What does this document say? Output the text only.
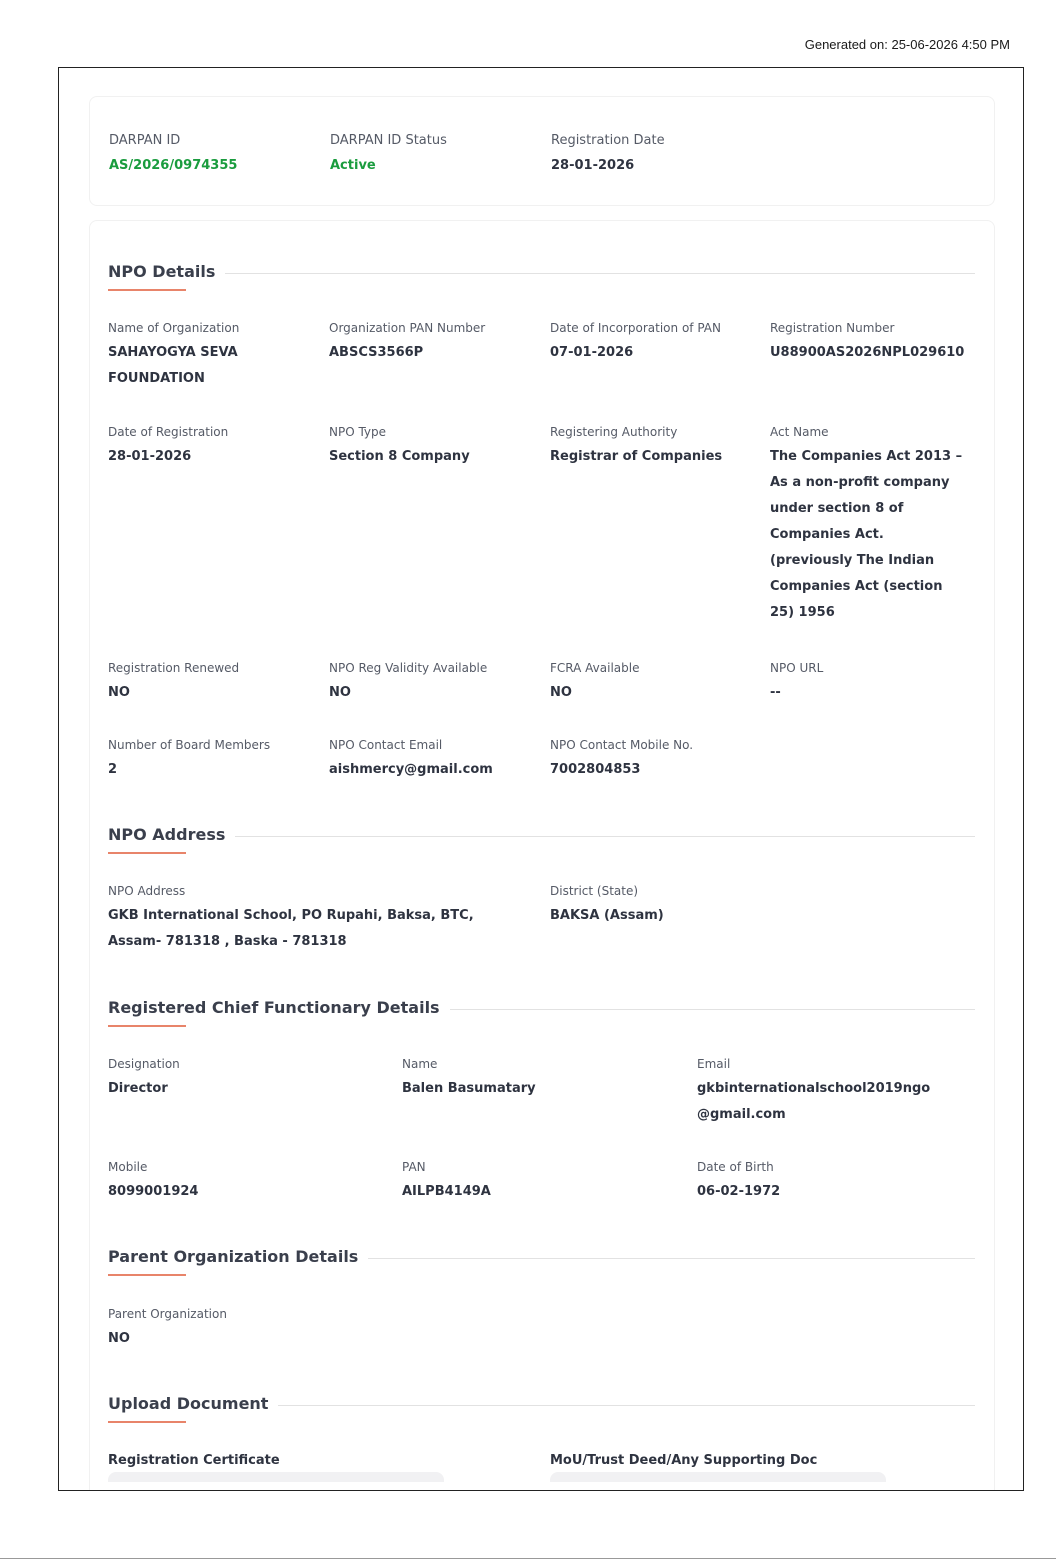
Generated on: 25-06-2026 4:50 PM
DARPAN ID
AS/2026/0974355
DARPAN ID Status
Active
Registration Date
28-01-2026
NPO Details
Name of Organization
SAHAYOGYA SEVA
FOUNDATION
Organization PAN Number
ABSCS3566P
Date of Incorporation of PAN
07-01-2026
Registration Number
U88900AS2026NPL029610
Date of Registration
28-01-2026
NPO Type
Section 8 Company
Registering Authority
Registrar of Companies
Act Name
The Companies Act 2013 –
As a non-profit company
under section 8 of
Companies Act.
(previously The Indian
Companies Act (section
25) 1956
Registration Renewed
NO
NPO Reg Validity Available
NO
FCRA Available
NO
NPO URL
--
Number of Board Members
2
NPO Contact Email
aishmercy@gmail.com
NPO Contact Mobile No.
7002804853
NPO Address
NPO Address
GKB International School, PO Rupahi, Baksa, BTC,
Assam- 781318 , Baska - 781318
District (State)
BAKSA (Assam)
Registered Chief Functionary Details
Designation
Director
Name
Balen Basumatary
Email
gkbinternationalschool2019ngo
@gmail.com
Mobile
8099001924
PAN
AILPB4149A
Date of Birth
06-02-1972
Parent Organization Details
Parent Organization
NO
Upload Document
Registration Certificate	MoU/Trust Deed/Any Supporting Doc
